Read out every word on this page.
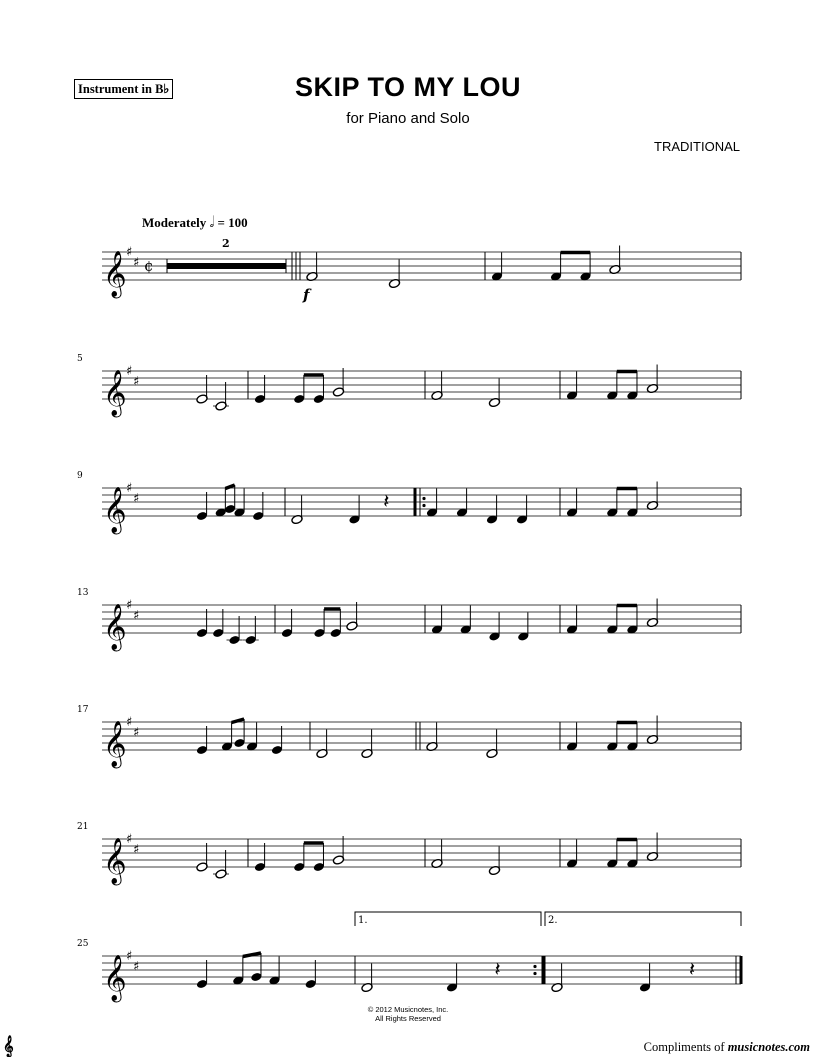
Instrument in B♭	SKIP TO MY LOU
for Piano and Solo
TRADITIONAL
Moderately 𝅗𝅥 = 100
𝄞 ♯
♯ ¢
2
f
𝄞 ♯
♯
5
𝄞 ♯
♯
9
𝄽
𝄞 ♯
♯
13
𝄞 ♯
♯
17
𝄞 ♯
♯
21
𝄞 ♯
♯
25
𝄽	𝄽
1.	2.
© 2012 Musicnotes, Inc.
All Rights Reserved
𝄞	Compliments of musicnotes.com
